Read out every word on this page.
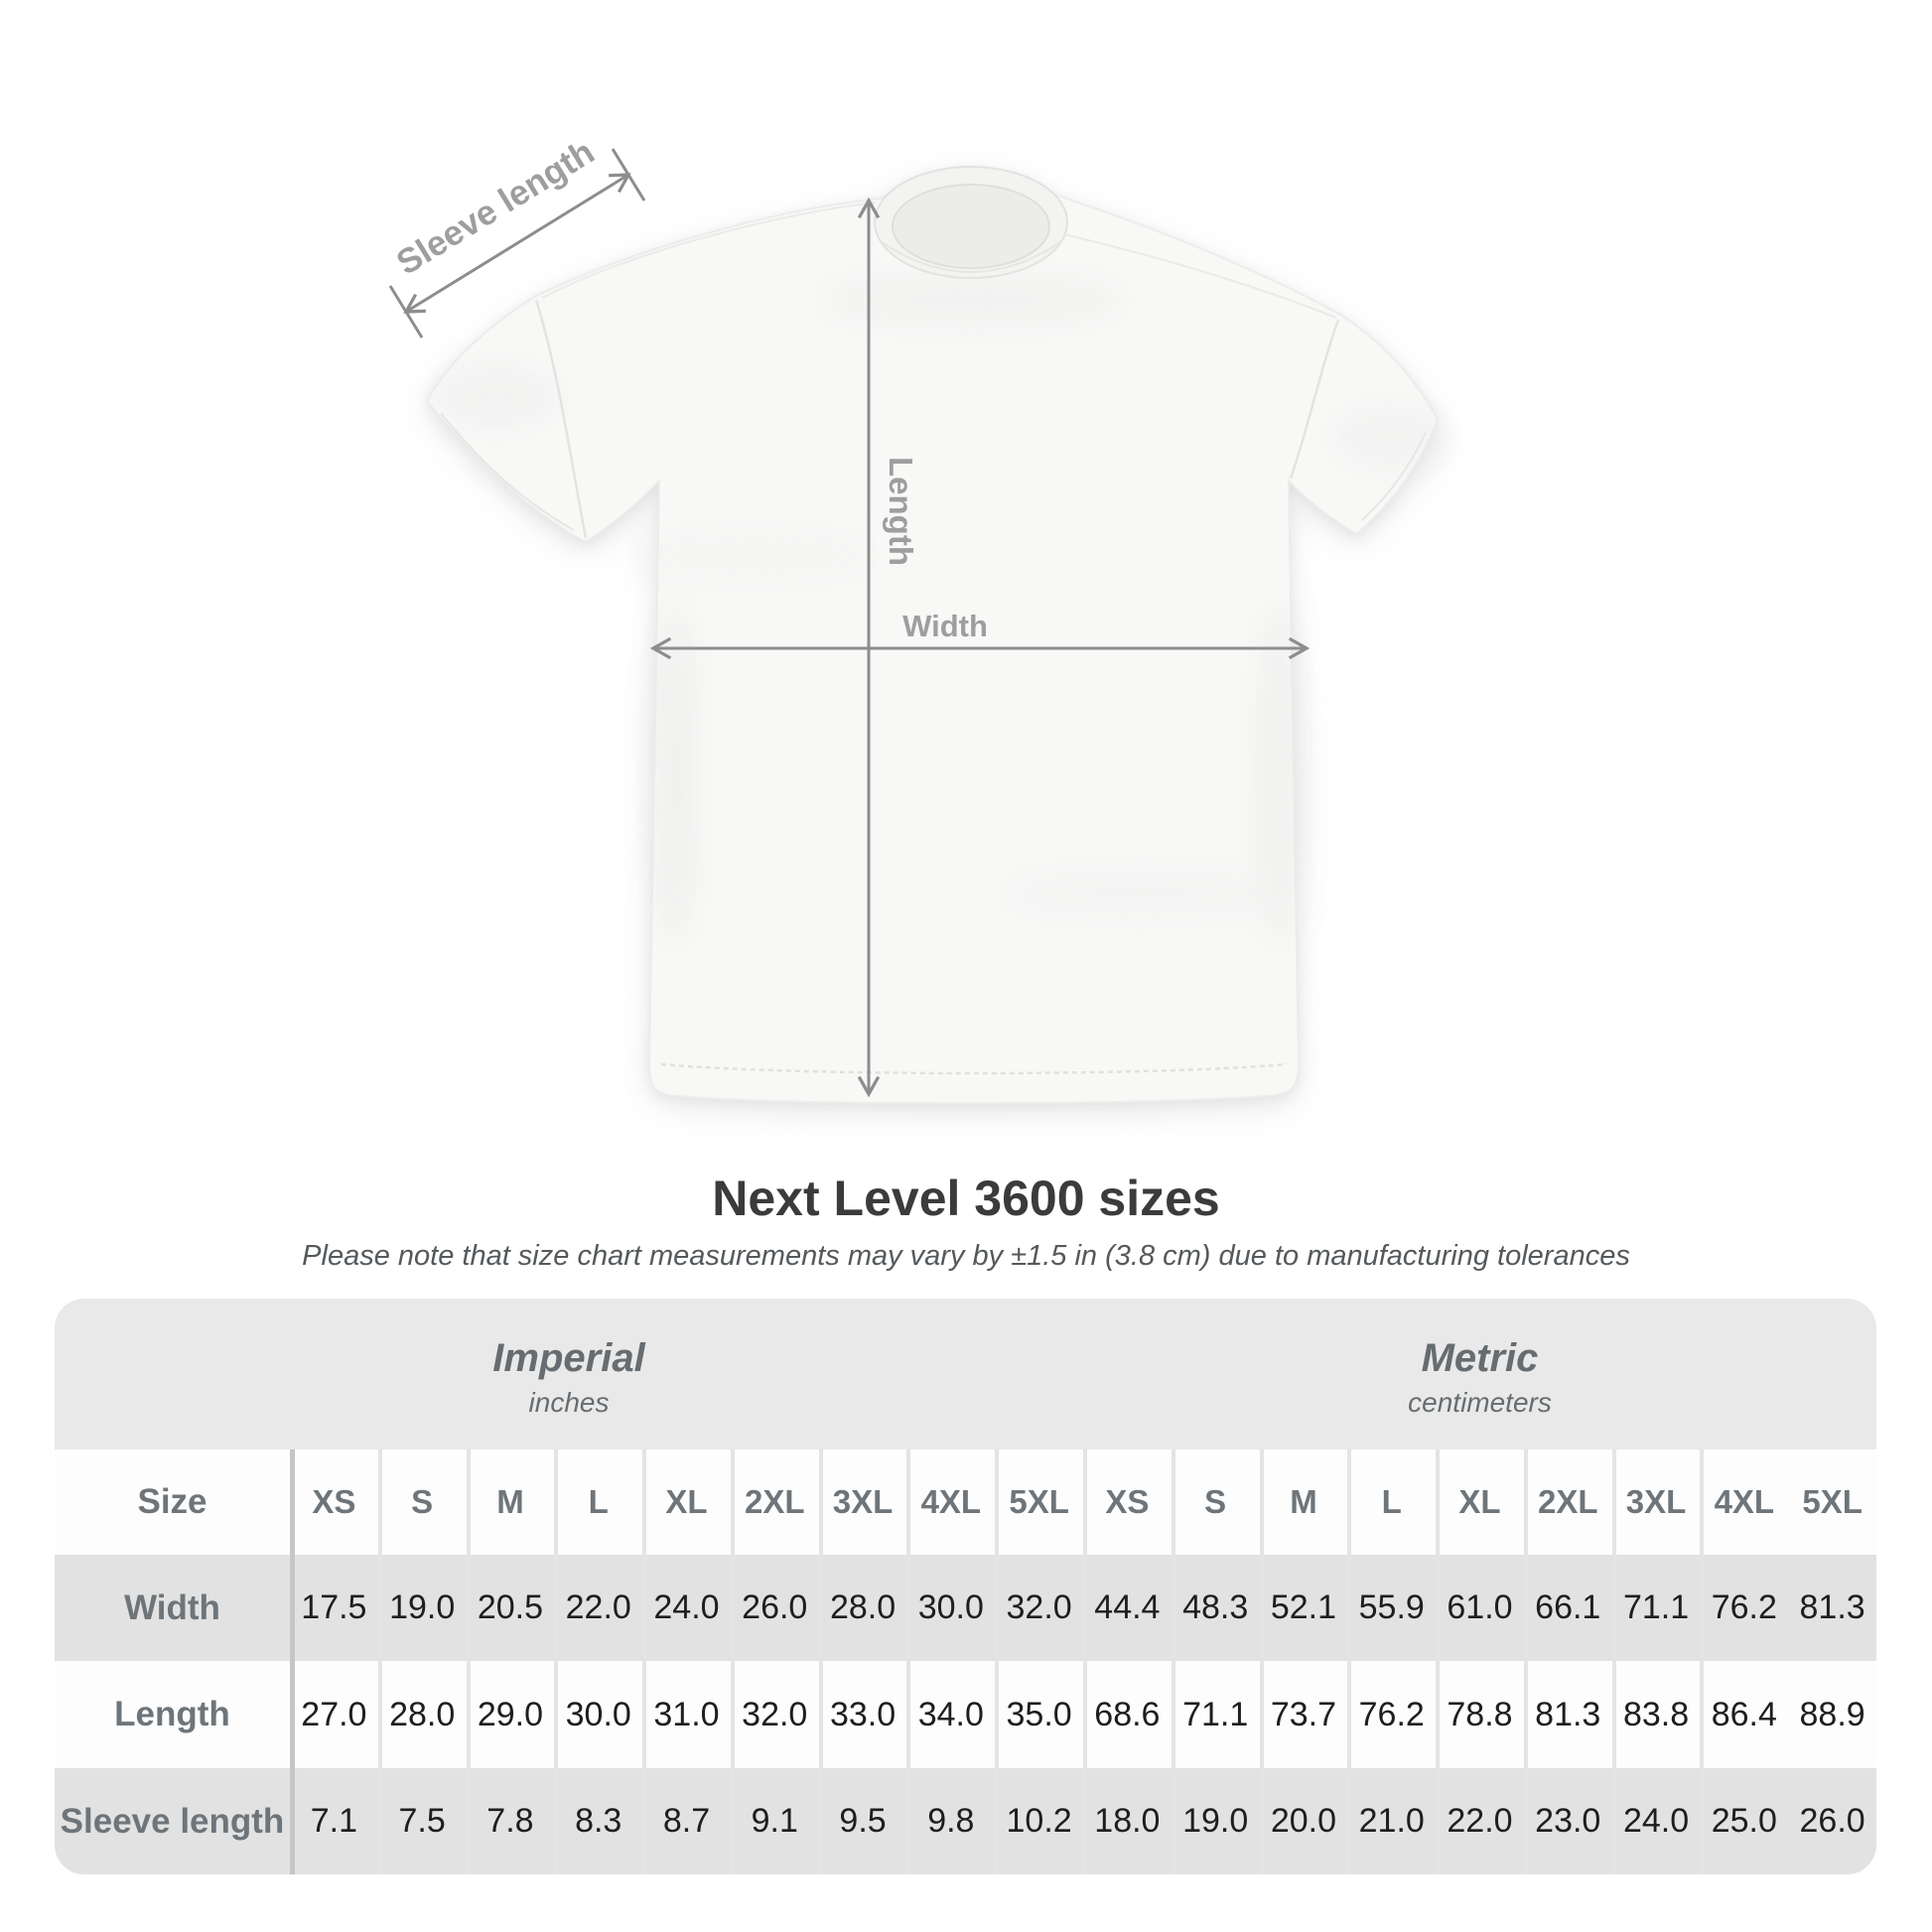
Sleeve length
Length
Width
Next Level 3600 sizes
Please note that size chart measurements may vary by ±1.5 in (3.8 cm) due to manufacturing tolerances
Imperial
inches
Metric
centimeters
Size	XS	S	M	L	XL	2XL 3XL 4XL 5XL	XS	S	M	L	XL	2XL 3XL 4XL 5XL
Width	17.5 19.0 20.5 22.0 24.0 26.0 28.0 30.0 32.0 44.4 48.3 52.1 55.9 61.0 66.1 71.1 76.2 81.3
Length	27.0 28.0 29.0 30.0 31.0 32.0 33.0 34.0 35.0 68.6 71.1 73.7 76.2 78.8 81.3 83.8 86.4 88.9
Sleeve length 7.1	7.5	7.8	8.3	8.7	9.1	9.5	9.8 10.2 18.0 19.0 20.0 21.0 22.0 23.0 24.0 25.0 26.0
